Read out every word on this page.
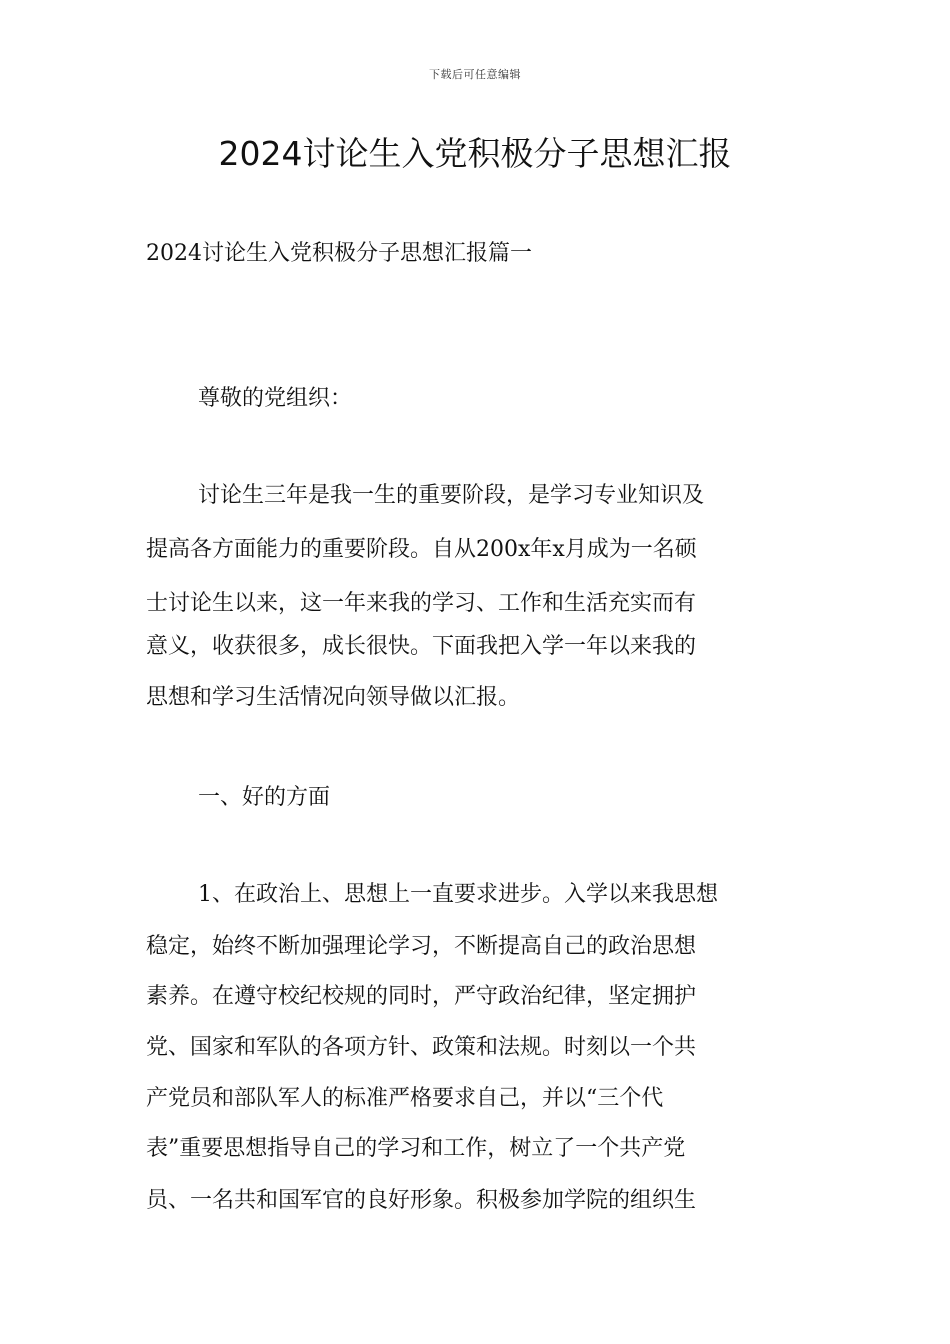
下载后可任意编辑
2024讨论生入党积极分子思想汇报

2024讨论生入党积极分子思想汇报篇一

尊敬的党组织：

讨论生三年是我一生的重要阶段，是学习专业知识及

提高各方面能力的重要阶段。自从200x年x月成为一名硕

士讨论生以来，这一年来我的学习、工作和生活充实而有

意义，收获很多，成长很快。下面我把入学一年以来我的

思想和学习生活情况向领导做以汇报。

一、好的方面

1、在政治上、思想上一直要求进步。入学以来我思想

稳定，始终不断加强理论学习，不断提高自己的政治思想

素养。在遵守校纪校规的同时，严守政治纪律，坚定拥护

党、国家和军队的各项方针、政策和法规。时刻以一个共

产党员和部队军人的标准严格要求自己，并以“三个代

表”重要思想指导自己的学习和工作，树立了一个共产党

员、一名共和国军官的良好形象。积极参加学院的组织生
